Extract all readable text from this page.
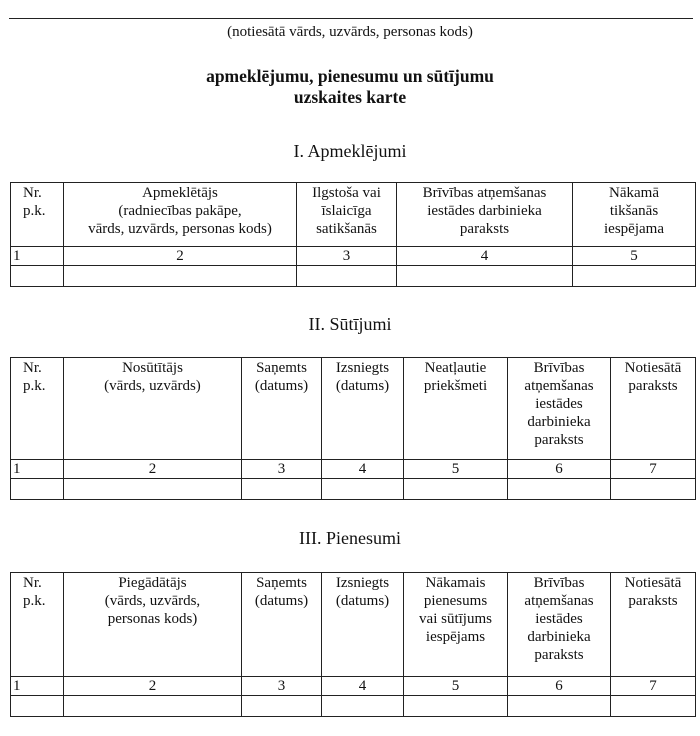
(notiesātā vārds, uzvārds, personas kods)
apmeklējumu, pienesumu un sūtījumu
uzskaites karte
I. Apmeklējumi
Nr.
p.k.	Apmeklētājs
(radniecības pakāpe,
vārds, uzvārds, personas kods)	Ilgstoša vai
īslaicīga
satikšanās	Brīvības atņemšanas
iestādes darbinieka
paraksts	Nākamā
tikšanās
iespējama
1	2	3	4	5

II. Sūtījumi
Nr.
p.k.	Nosūtītājs
(vārds, uzvārds)	Saņemts
(datums)	Izsniegts
(datums)	Neatļautie
priekšmeti	Brīvības
atņemšanas
iestādes
darbinieka
paraksts	Notiesātā
paraksts
1	2	3	4	5	6	7

III. Pienesumi
Nr.
p.k.	Piegādātājs
(vārds, uzvārds,
personas kods)	Saņemts
(datums)	Izsniegts
(datums)	Nākamais
pienesums
vai sūtījums
iespējams	Brīvības
atņemšanas
iestādes
darbinieka
paraksts	Notiesātā
paraksts
1	2	3	4	5	6	7
